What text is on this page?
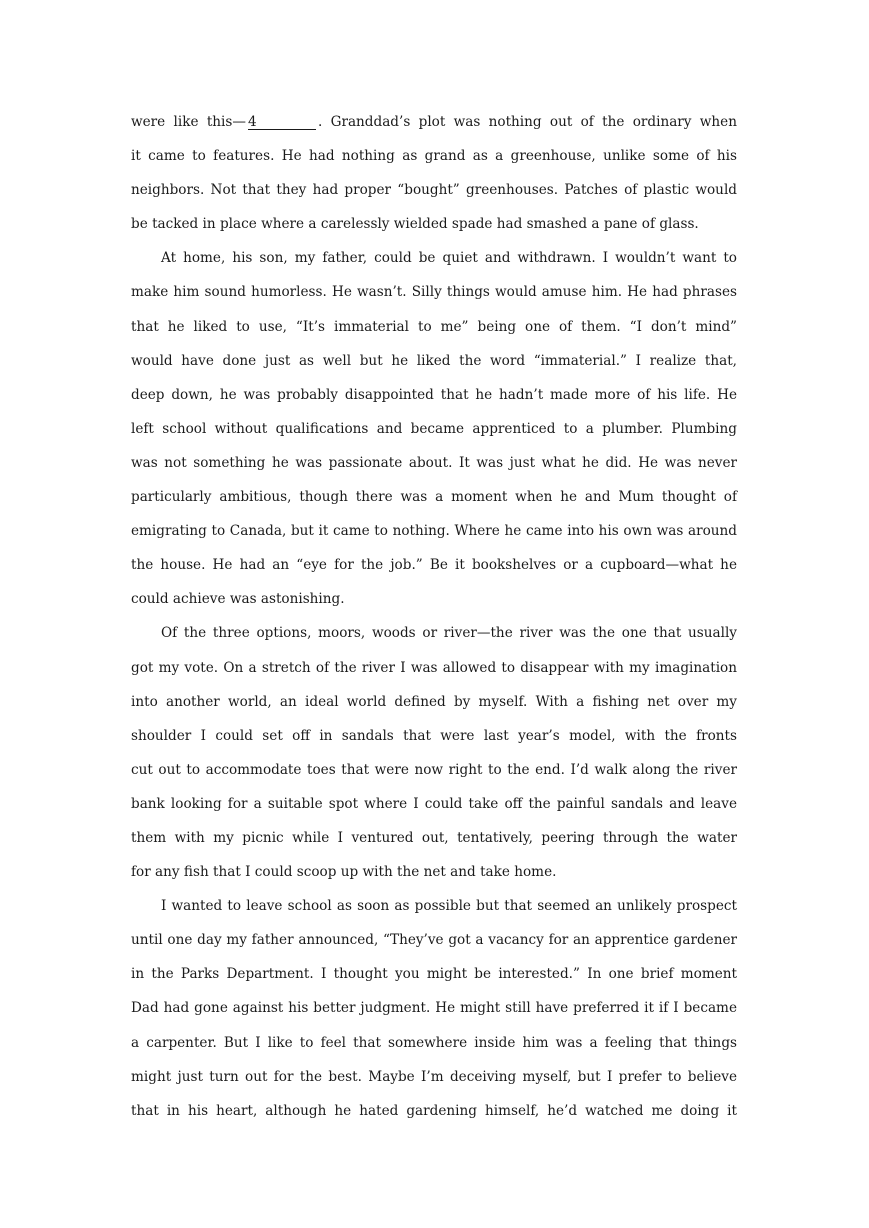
were like this— 4	. Granddad’s plot was nothing out of the ordinary when
it came to features. He had nothing as grand as a greenhouse, unlike some of his
neighbors. Not that they had proper “bought” greenhouses. Patches of plastic would
be tacked in place where a carelessly wielded spade had smashed a pane of glass.
At home, his son, my father, could be quiet and withdrawn. I wouldn’t want to
make him sound humorless. He wasn’t. Silly things would amuse him. He had phrases
that he liked to use, “It’s immaterial to me” being one of them. “I don’t mind”
would have done just as well but he liked the word “immaterial.” I realize that,
deep down, he was probably disappointed that he hadn’t made more of his life. He
left school without qualifications and became apprenticed to a plumber. Plumbing
was not something he was passionate about. It was just what he did. He was never
particularly ambitious, though there was a moment when he and Mum thought of
emigrating to Canada, but it came to nothing. Where he came into his own was around
the house. He had an “eye for the job.” Be it bookshelves or a cupboard—what he
could achieve was astonishing.
Of the three options, moors, woods or river—the river was the one that usually
got my vote. On a stretch of the river I was allowed to disappear with my imagination
into another world, an ideal world defined by myself. With a fishing net over my
shoulder I could set off in sandals that were last year’s model, with the fronts
cut out to accommodate toes that were now right to the end. I’d walk along the river
bank looking for a suitable spot where I could take off the painful sandals and leave
them with my picnic while I ventured out, tentatively, peering through the water
for any fish that I could scoop up with the net and take home.
I wanted to leave school as soon as possible but that seemed an unlikely prospect
until one day my father announced, “They’ve got a vacancy for an apprentice gardener
in the Parks Department. I thought you might be interested.” In one brief moment
Dad had gone against his better judgment. He might still have preferred it if I became
a carpenter. But I like to feel that somewhere inside him was a feeling that things
might just turn out for the best. Maybe I’m deceiving myself, but I prefer to believe
that in his heart, although he hated gardening himself, he’d watched me doing it
